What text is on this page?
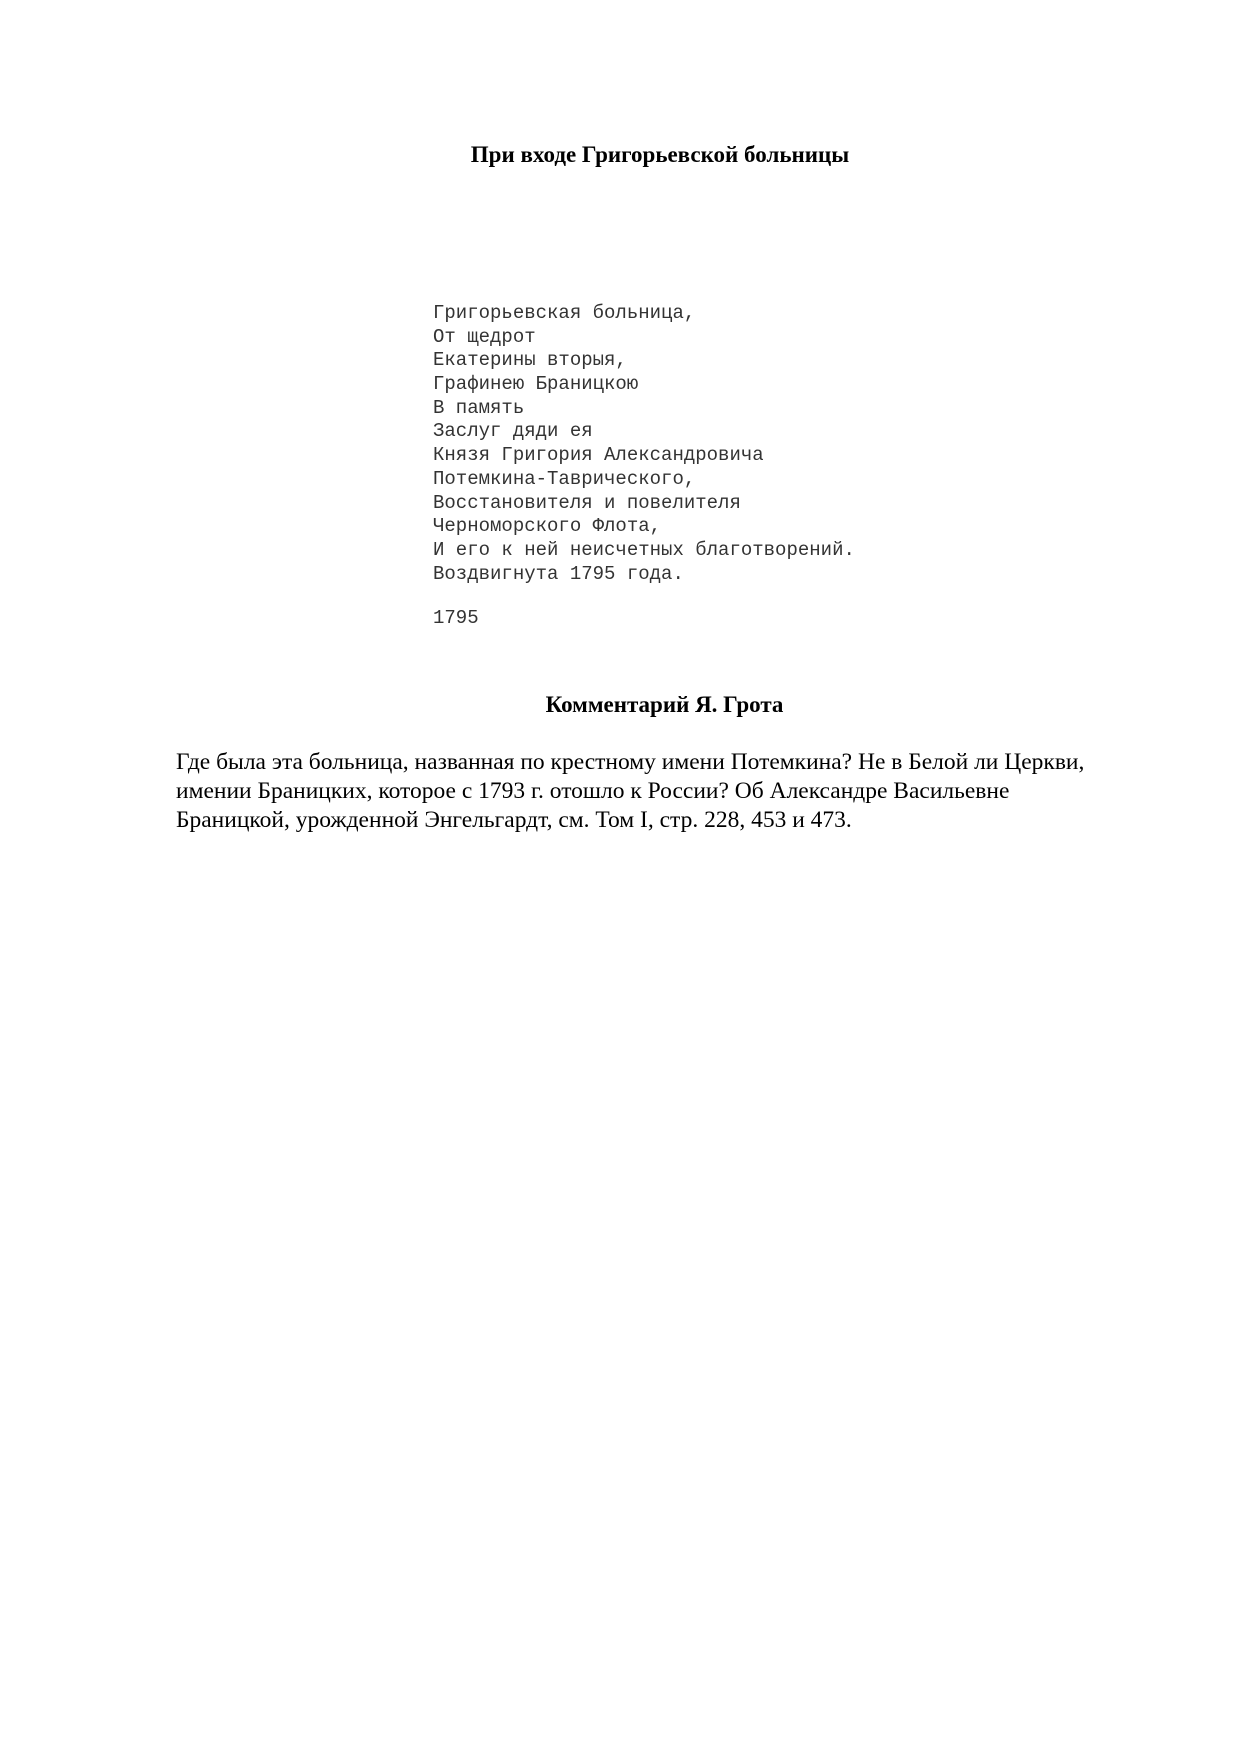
При входе Григорьевской больницы
Григорьевская больница,
От щедрот
Екатерины вторыя,
Графинею Браницкою
В память
Заслуг дяди ея
Князя Григория Александровича
Потемкина-Таврического,
Восстановителя и повелителя
Черноморского Флота,
И его к ней неисчетных благотворений.
Воздвигнута 1795 года.

1795

Комментарий Я. Грота
Где была эта больница, названная по крестному имени Потемкина? Не в Белой ли Церкви,
имении Браницких, которое с 1793 г. отошло к России? Об Александре Васильевне
Браницкой, урожденной Энгельгардт, см. Том I, стр. 228, 453 и 473.
